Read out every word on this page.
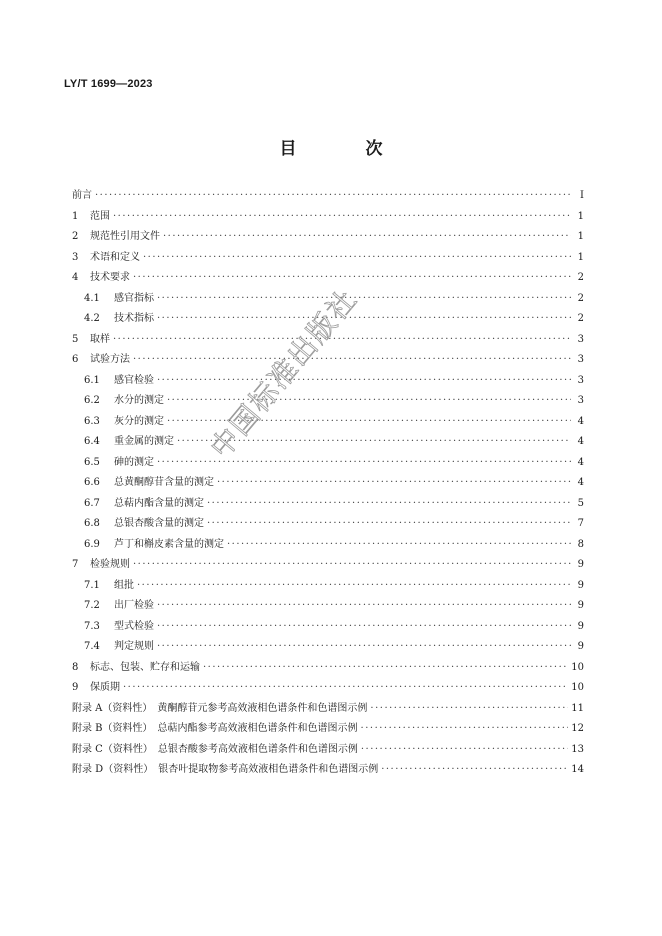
LY/T 1699—2023
目　次
前言 ·····	I
1	范围 ·····	1
2	规范性引用文件 ·····	1
3	术语和定义 ·····	1
4	技术要求 ·····	2
4.1	感官指标 ·····	2
4.2	技术指标 ·····	2
5	取样 ·····	3
6	试验方法 ·····	3
6.1	感官检验 ·····	3
6.2	水分的测定 ·····	3
6.3	灰分的测定 ·····	4
6.4	重金属的测定 ·····	4
6.5	砷的测定 ·····	4
6.6	总黄酮醇苷含量的测定 ·····	4
6.7	总萜内酯含量的测定 ·····	5
6.8	总银杏酸含量的测定 ·····	7
6.9	芦丁和槲皮素含量的测定 ·····	8
7	检验规则 ·····	9
7.1	组批 ·····	9
7.2	出厂检验 ·····	9
7.3	型式检验 ·····	9
7.4	判定规则 ·····	9
8	标志、包装、贮存和运输 ·····	10
9	保质期 ·····	10
附录 A（资料性）　黄酮醇苷元参考高效液相色谱条件和色谱图示例 ·····	11
附录 B（资料性）　总萜内酯参考高效液相色谱条件和色谱图示例 ·····	12
附录 C（资料性）　总银杏酸参考高效液相色谱条件和色谱图示例 ·····	13
附录 D（资料性）　银杏叶提取物参考高效液相色谱条件和色谱图示例 ·····	14
中国标准出版社
